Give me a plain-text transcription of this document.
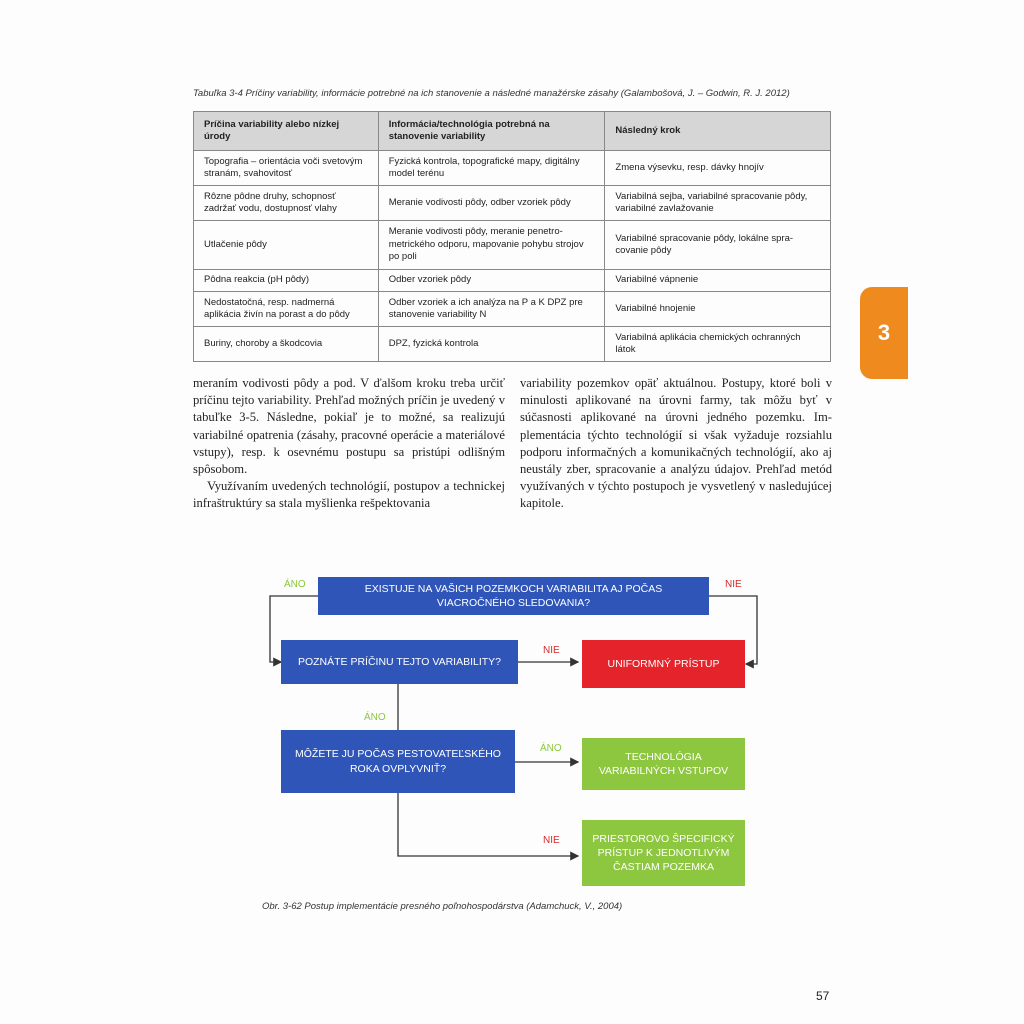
Tabuľka 3-4 Príčiny variability, informácie potrebné na ich stanovenie a následné manažérske zásahy (Galambošová, J. – Godwin, R. J. 2012)
Príčina variability alebo nízkej úrody	Informácia/technológia potrebná na stanovenie variability	Následný krok
Topografia – orientácia voči svetovým stranám, svahovitosť	Fyzická kontrola, topografické mapy, digitálny model terénu	Zmena výsevku, resp. dávky hnojív
Rôzne pôdne druhy, schopnosť zadržať vodu, dostupnosť vlahy	Meranie vodivosti pôdy, odber vzoriek pôdy	Variabilná sejba, variabilné spracovanie pôdy, variabilné zavlažovanie
Utlačenie pôdy	Meranie vodivosti pôdy, meranie penetrometrického odporu, mapovanie pohybu strojov po poli	Variabilné spracovanie pôdy, lokálne spracovanie pôdy
Pôdna reakcia (pH pôdy)	Odber vzoriek pôdy	Variabilné vápnenie
Nedostatočná, resp. nadmerná aplikácia živín na porast a do pôdy	Odber vzoriek a ich analýza na P a K DPZ pre stanovenie variability N	Variabilné hnojenie
Buriny, choroby a škodcovia	DPZ, fyzická kontrola	Variabilná aplikácia chemických ochranných látok
3

meraním vodivosti pôdy a pod. V ďalšom kroku treba určiť príčinu tejto variability. Prehľad možných príčin je uvedený v tabuľke 3-5. Následne, pokiaľ je to možné, sa realizujú variabilné opatrenia (zásahy, pracovné operácie a materiálové vstupy), resp. k osevnému postupu sa pristúpi odlišným spôsobom.

Využívaním uvedených technológií, postupov a technickej infraštruktúry sa stala myšlienka rešpektovania

variability pozemkov opäť aktuálnou. Postupy, ktoré boli v minulosti aplikované na úrovni farmy, tak môžu byť v súčasnosti aplikované na úrovni jedného pozemku. Implementácia týchto technológií si však vyžaduje rozsiahlu podporu informačných a komunikačných technológií, ako aj neustály zber, spracovanie a analýzu údajov. Prehľad metód využívaných v týchto postupoch je vysvetlený v nasledujúcej kapitole.

EXISTUJE NA VAŠICH POZEMKOCH VARIABILITA AJ POČAS VIACROČNÉHO SLEDOVANIA?
POZNÁTE PRÍČINU TEJTO VARIABILITY?	UNIFORMNÝ PRÍSTUP
MÔŽETE JU POČAS PESTOVATEĽSKÉHO ROKA OVPLYVNIŤ?
TECHNOLÓGIA VARIABILNÝCH VSTUPOV
PRIESTOROVO ŠPECIFICKÝ PRÍSTUP K JEDNOTLIVÝM ČASTIAM POZEMKA
ÁNO	NIE
NIE
ÁNO
ÁNO
NIE
Obr. 3-62 Postup implementácie presného poľnohospodárstva (Adamchuck, V., 2004)
57
